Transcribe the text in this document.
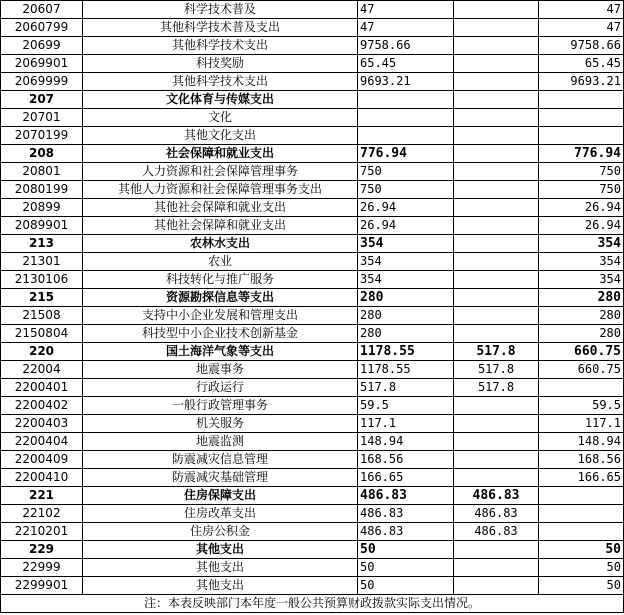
20607	科学技术普及	47		47
2060799	其他科学技术普及支出	47		47
20699	其他科学技术支出	9758.66		9758.66
2069901	科技奖励	65.45		65.45
2069999	其他科学技术支出	9693.21		9693.21
207	文化体育与传媒支出			
20701	文化			
2070199	其他文化支出			
208	社会保障和就业支出	776.94		776.94
20801	人力资源和社会保障管理事务	750		750
2080199	其他人力资源和社会保障管理事务支出	750		750
20899	其他社会保障和就业支出	26.94		26.94
2089901	其他社会保障和就业支出	26.94		26.94
213	农林水支出	354		354
21301	农业	354		354
2130106	科技转化与推广服务	354		354
215	资源勘探信息等支出	280		280
21508	支持中小企业发展和管理支出	280		280
2150804	科技型中小企业技术创新基金	280		280
220	国土海洋气象等支出	1178.55	517.8	660.75
22004	地震事务	1178.55	517.8	660.75
2200401	行政运行	517.8	517.8	
2200402	一般行政管理事务	59.5		59.5
2200403	机关服务	117.1		117.1
2200404	地震监测	148.94		148.94
2200409	防震减灾信息管理	168.56		168.56
2200410	防震减灾基础管理	166.65		166.65
221	住房保障支出	486.83	486.83	
22102	住房改革支出	486.83	486.83	
2210201	住房公积金	486.83	486.83	
229	其他支出	50		50
22999	其他支出	50		50
2299901	其他支出	50		50
注：本表反映部门本年度一般公共预算财政拨款实际支出情况。				
